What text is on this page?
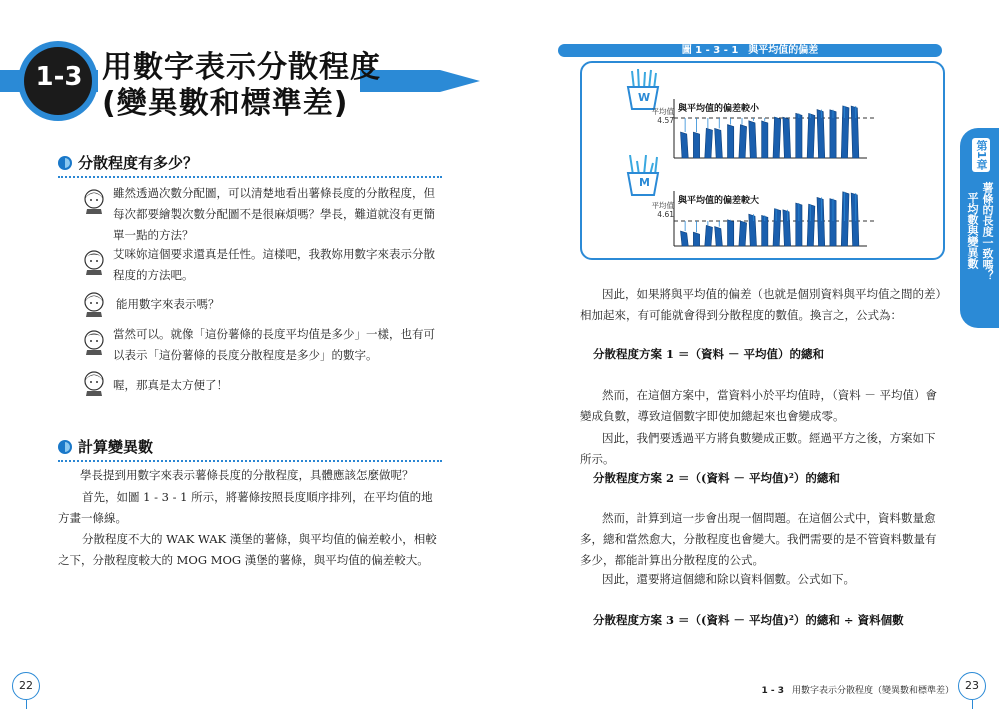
1-3 用數字表示分散程度
(變異數和標準差)
分散程度有多少？
雖然透過次數分配圖，可以清楚地看出薯條長度的分散程度，但每次都要繪製次數分配圖不是很麻煩嗎？學長，難道就沒有更簡單一點的方法？
艾咪妳這個要求還真是任性。這樣吧，我教妳用數字來表示分散程度的方法吧。
能用數字來表示嗎？
當然可以。就像「這份薯條的長度平均值是多少」一樣，也有可以表示「這份薯條的長度分散程度是多少」的數字。
喔，那真是太方便了！
計算變異數
學長提到用數字來表示薯條長度的分散程度，具體應該怎麼做呢？
首先，如圖 1 - 3 - 1 所示，將薯條按照長度順序排列，在平均值的地方畫一條線。
分散程度不大的 WAK WAK 漢堡的薯條，與平均值的偏差較小，相較之下，分散程度較大的 MOG MOG 漢堡的薯條，與平均值的偏差較大。
22
圖 1 - 3 - 1　與平均值的偏差
W
M
平均值
4.57
平均值
4.61
與平均值的偏差較小
與平均值的偏差較大
因此，如果將與平均值的偏差（也就是個別資料與平均值之間的差）相加起來，有可能就會得到分散程度的數值。換言之，公式為：
分散程度方案 1 ＝（資料 － 平均值）的總和
然而，在這個方案中，當資料小於平均值時，（資料 － 平均值）會變成負數，導致這個數字即使加總起來也會變成零。
因此，我們要透過平方將負數變成正數。經過平方之後，方案如下所示。
分散程度方案 2 ＝（(資料 － 平均值)²）的總和
然而，計算到這一步會出現一個問題。在這個公式中，資料數量愈多，總和當然愈大，分散程度也會變大。我們需要的是不管資料數量有多少，都能計算出分散程度的公式。
因此，還要將這個總和除以資料個數。公式如下。
分散程度方案 3 ＝（(資料 － 平均值)²）的總和 ÷ 資料個數
第1章
薯條的長度一致嗎？
平均數與變異數
1 - 3 用數字表示分散程度（變異數和標準差）	23
